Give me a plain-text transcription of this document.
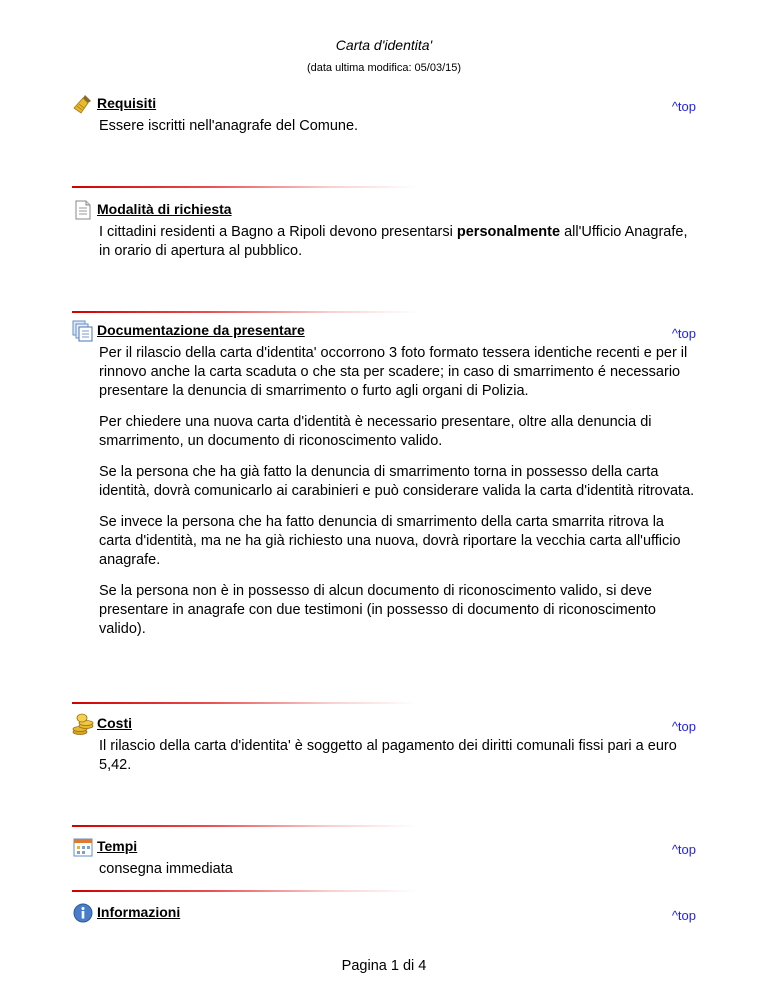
Carta d'identita'
(data ultima modifica: 05/03/15)
Requisiti	^top

Essere iscritti nell'anagrafe del Comune.

Modalità di richiesta

I cittadini residenti a Bagno a Ripoli devono presentarsi personalmente all'Ufficio Anagrafe, in orario di apertura al pubblico.

Documentazione da presentare	^top

Per il rilascio della carta d'identita' occorrono 3 foto formato tessera identiche recenti e per il rinnovo anche la carta scaduta o che sta per scadere; in caso di smarrimento é necessario presentare la denuncia di smarrimento o furto agli organi di Polizia.

Per chiedere una nuova carta d'identità è necessario presentare, oltre alla denuncia di smarrimento, un documento di riconoscimento valido.

Se la persona che ha già fatto la denuncia di smarrimento torna in possesso della carta identità, dovrà comunicarlo ai carabinieri e può considerare valida la carta d'identità ritrovata.

Se invece la persona che ha fatto denuncia di smarrimento della carta smarrita ritrova la carta d'identità, ma ne ha già richiesto una nuova, dovrà riportare la vecchia carta all'ufficio anagrafe.

Se la persona non è in possesso di alcun documento di riconoscimento valido, si deve presentare in anagrafe con due testimoni (in possesso di documento di riconoscimento valido).

Costi	^top

Il rilascio della carta d'identita' è soggetto al pagamento dei diritti comunali fissi pari a euro 5,42.

Tempi	^top

consegna immediata

Informazioni	^top
Pagina 1 di 4
